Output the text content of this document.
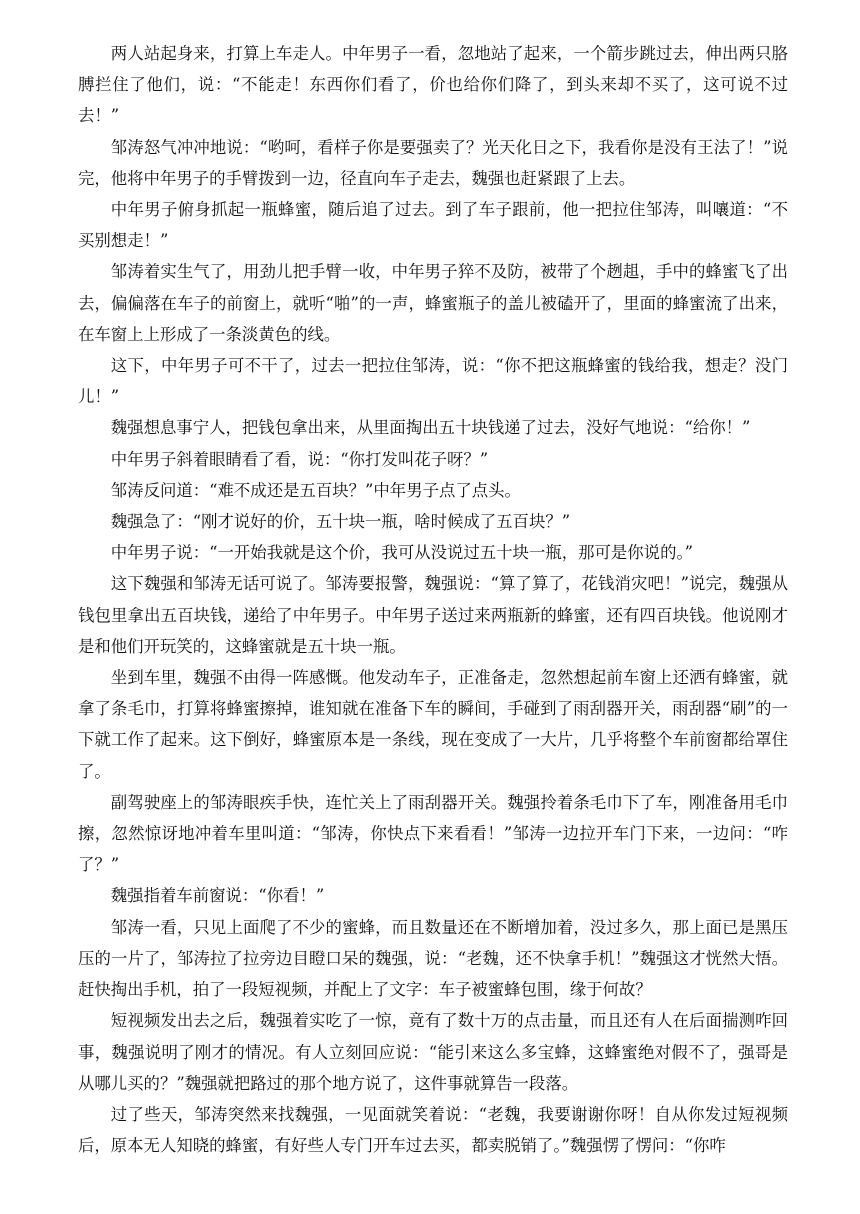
两人站起身来，打算上车走人。中年男子一看，忽地站了起来，一个箭步跳过去，伸出两只胳膊拦住了他们，说：“不能走！东西你们看了，价也给你们降了，到头来却不买了，这可说不过去！”

邹涛怒气冲冲地说：“哟呵，看样子你是要强卖了？光天化日之下，我看你是没有王法了！”说完，他将中年男子的手臂拨到一边，径直向车子走去，魏强也赶紧跟了上去。

中年男子俯身抓起一瓶蜂蜜，随后追了过去。到了车子跟前，他一把拉住邹涛，叫嚷道：“不买别想走！”

邹涛着实生气了，用劲儿把手臂一收，中年男子猝不及防，被带了个趔趄，手中的蜂蜜飞了出去，偏偏落在车子的前窗上，就听“啪”的一声，蜂蜜瓶子的盖儿被磕开了，里面的蜂蜜流了出来，在车窗上上形成了一条淡黄色的线。

这下，中年男子可不干了，过去一把拉住邹涛，说：“你不把这瓶蜂蜜的钱给我，想走？没门儿！”

魏强想息事宁人，把钱包拿出来，从里面掏出五十块钱递了过去，没好气地说：“给你！”

中年男子斜着眼睛看了看，说：“你打发叫花子呀？”

邹涛反问道：“难不成还是五百块？”中年男子点了点头。

魏强急了：“刚才说好的价，五十块一瓶，啥时候成了五百块？”

中年男子说：“一开始我就是这个价，我可从没说过五十块一瓶，那可是你说的。”

这下魏强和邹涛无话可说了。邹涛要报警，魏强说：“算了算了，花钱消灾吧！”说完，魏强从钱包里拿出五百块钱，递给了中年男子。中年男子送过来两瓶新的蜂蜜，还有四百块钱。他说刚才是和他们开玩笑的，这蜂蜜就是五十块一瓶。

坐到车里，魏强不由得一阵感慨。他发动车子，正准备走，忽然想起前车窗上还洒有蜂蜜，就拿了条毛巾，打算将蜂蜜擦掉，谁知就在准备下车的瞬间，手碰到了雨刮器开关，雨刮器“刷”的一下就工作了起来。这下倒好，蜂蜜原本是一条线，现在变成了一大片，几乎将整个车前窗都给罩住了。

副驾驶座上的邹涛眼疾手快，连忙关上了雨刮器开关。魏强拎着条毛巾下了车，刚准备用毛巾擦，忽然惊讶地冲着车里叫道：“邹涛，你快点下来看看！”邹涛一边拉开车门下来，一边问：“咋了？”

魏强指着车前窗说：“你看！”

邹涛一看，只见上面爬了不少的蜜蜂，而且数量还在不断增加着，没过多久，那上面已是黑压压的一片了，邹涛拉了拉旁边目瞪口呆的魏强，说：“老魏，还不快拿手机！”魏强这才恍然大悟。赶快掏出手机，拍了一段短视频，并配上了文字：车子被蜜蜂包围，缘于何故？

短视频发出去之后，魏强着实吃了一惊，竟有了数十万的点击量，而且还有人在后面揣测咋回事，魏强说明了刚才的情况。有人立刻回应说：“能引来这么多宝蜂，这蜂蜜绝对假不了，强哥是从哪儿买的？”魏强就把路过的那个地方说了，这件事就算告一段落。

过了些天，邹涛突然来找魏强，一见面就笑着说：“老魏，我要谢谢你呀！自从你发过短视频后，原本无人知晓的蜂蜜，有好些人专门开车过去买，都卖脱销了。”魏强愣了愣问：“你咋
